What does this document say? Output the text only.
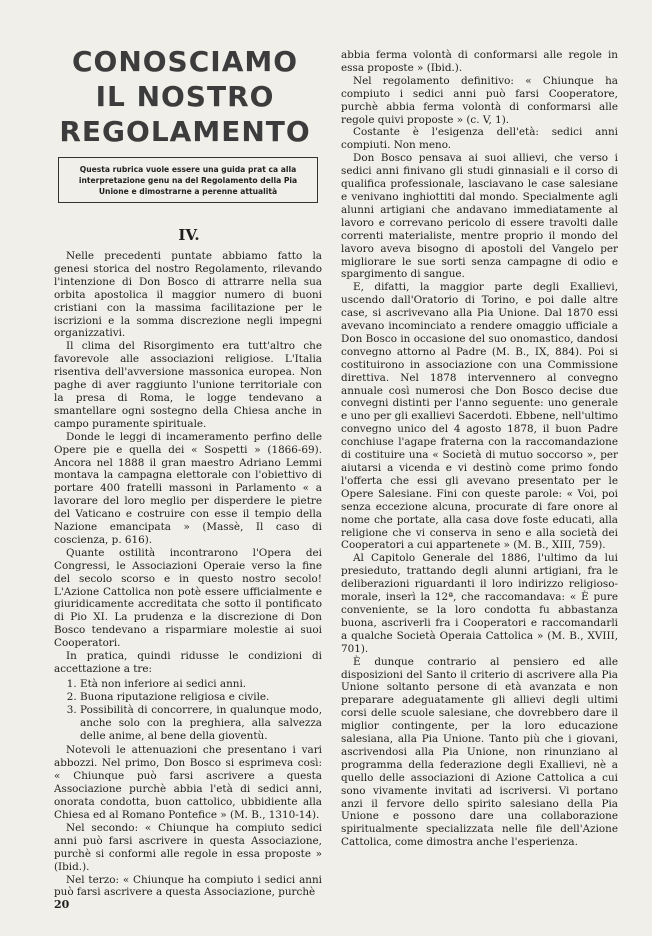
CONOSCIAMO
IL NOSTRO
REGOLAMENTO
Questa rubrica vuole essere una guida prat ca alla interpretazione genu na del Regolamento della Pia Unione e dimostrarne a perenne attualità
IV.

Nelle precedenti puntate abbiamo fatto la genesi storica del nostro Regolamento, rilevando l'intenzione di Don Bosco di attrarre nella sua orbita apostolica il maggior numero di buoni cristiani con la massima facilitazione per le iscrizioni e la somma discrezione negli impegni organizzativi.

Il clima del Risorgimento era tutt'altro che favorevole alle associazioni religiose. L'Italia risentiva dell'avversione massonica europea. Non paghe di aver raggiunto l'unione territoriale con la presa di Roma, le logge tendevano a smantellare ogni sostegno della Chiesa anche in campo puramente spirituale.

Donde le leggi di incameramento perfino delle Opere pie e quella dei « Sospetti » (1866-69). Ancora nel 1888 il gran maestro Adriano Lemmi montava la campagna elettorale con l'obiettivo di portare 400 fratelli massoni in Parlamento « a lavorare del loro meglio per disperdere le pietre del Vaticano e costruire con esse il tempio della Nazione emancipata » (Massè, Il caso di coscienza, p. 616).

Quante ostilità incontrarono l'Opera dei Congressi, le Associazioni Operaie verso la fine del secolo scorso e in questo nostro secolo! L'Azione Cattolica non potè essere ufficialmente e giuridicamente accreditata che sotto il pontificato di Pio XI. La prudenza e la discrezione di Don Bosco tendevano a risparmiare molestie ai suoi Cooperatori.

In pratica, quindi ridusse le condizioni di accettazione a tre:

1. Età non inferiore ai sedici anni.
2. Buona riputazione religiosa e civile.
3. Possibilità di concorrere, in qualunque modo, anche solo con la preghiera, alla salvezza delle anime, al bene della gioventù.

Notevoli le attenuazioni che presentano i vari abbozzi. Nel primo, Don Bosco si esprimeva così: « Chiunque può farsi ascrivere a questa Associazione purchè abbia l'età di sedici anni, onorata condotta, buon cattolico, ubbidiente alla Chiesa ed al Romano Pontefice » (M. B., 1310-14).

Nel secondo: « Chiunque ha compiuto sedici anni può farsi ascrivere in questa Associazione, purchè si conformi alle regole in essa proposte » (Ibid.).

Nel terzo: « Chiunque ha compiuto i sedici anni può farsi ascrivere a questa Associazione, purchè

abbia ferma volontà di conformarsi alle regole in essa proposte » (Ibid.).

Nel regolamento definitivo: « Chiunque ha compiuto i sedici anni può farsi Cooperatore, purchè abbia ferma volontà di conformarsi alle regole quivi proposte » (c. V, 1).

Costante è l'esigenza dell'età: sedici anni compiuti. Non meno.

Don Bosco pensava ai suoi allievi, che verso i sedici anni finivano gli studi ginnasiali e il corso di qualifica professionale, lasciavano le case salesiane e venivano inghiottiti dal mondo. Specialmente agli alunni artigiani che andavano immediatamente al lavoro e correvano pericolo di essere travolti dalle correnti materialiste, mentre proprio il mondo del lavoro aveva bisogno di apostoli del Vangelo per migliorare le sue sorti senza campagne di odio e spargimento di sangue.

E, difatti, la maggior parte degli Exallievi, uscendo dall'Oratorio di Torino, e poi dalle altre case, si ascrivevano alla Pia Unione. Dal 1870 essi avevano incominciato a rendere omaggio ufficiale a Don Bosco in occasione del suo onomastico, dandosi convegno attorno al Padre (M. B., IX, 884). Poi si costituirono in associazione con una Commissione direttiva. Nel 1878 intervennero al convegno annuale così numerosi che Don Bosco decise due convegni distinti per l'anno seguente: uno generale e uno per gli exallievi Sacerdoti. Ebbene, nell'ultimo convegno unico del 4 agosto 1878, il buon Padre conchiuse l'agape fraterna con la raccomandazione di costituire una « Società di mutuo soccorso », per aiutarsi a vicenda e vi destinò come primo fondo l'offerta che essi gli avevano presentato per le Opere Salesiane. Fini con queste parole: « Voi, poi senza eccezione alcuna, procurate di fare onore al nome che portate, alla casa dove foste educati, alla religione che vi conserva in seno e alla società dei Cooperatori a cui appartenete » (M. B., XIII, 759).

Al Capitolo Generale del 1886, l'ultimo da lui presieduto, trattando degli alunni artigiani, fra le deliberazioni riguardanti il loro indirizzo religioso-morale, inserì la 12ª, che raccomandava: « È pure conveniente, se la loro condotta fu abbastanza buona, ascriverli fra i Cooperatori e raccomandarli a qualche Società Operaia Cattolica » (M. B., XVIII, 701).

È dunque contrario al pensiero ed alle disposizioni del Santo il criterio di ascrivere alla Pia Unione soltanto persone di età avanzata e non preparare adeguatamente gli allievi degli ultimi corsi delle scuole salesiane, che dovrebbero dare il miglior contingente, per la loro educazione salesiana, alla Pia Unione. Tanto più che i giovani, ascrivendosi alla Pia Unione, non rinunziano al programma della federazione degli Exallievi, nè a quello delle associazioni di Azione Cattolica a cui sono vivamente invitati ad iscriversi. Vi portano anzi il fervore dello spirito salesiano della Pia Unione e possono dare una collaborazione spiritualmente specializzata nelle file dell'Azione Cattolica, come dimostra anche l'esperienza.

20
